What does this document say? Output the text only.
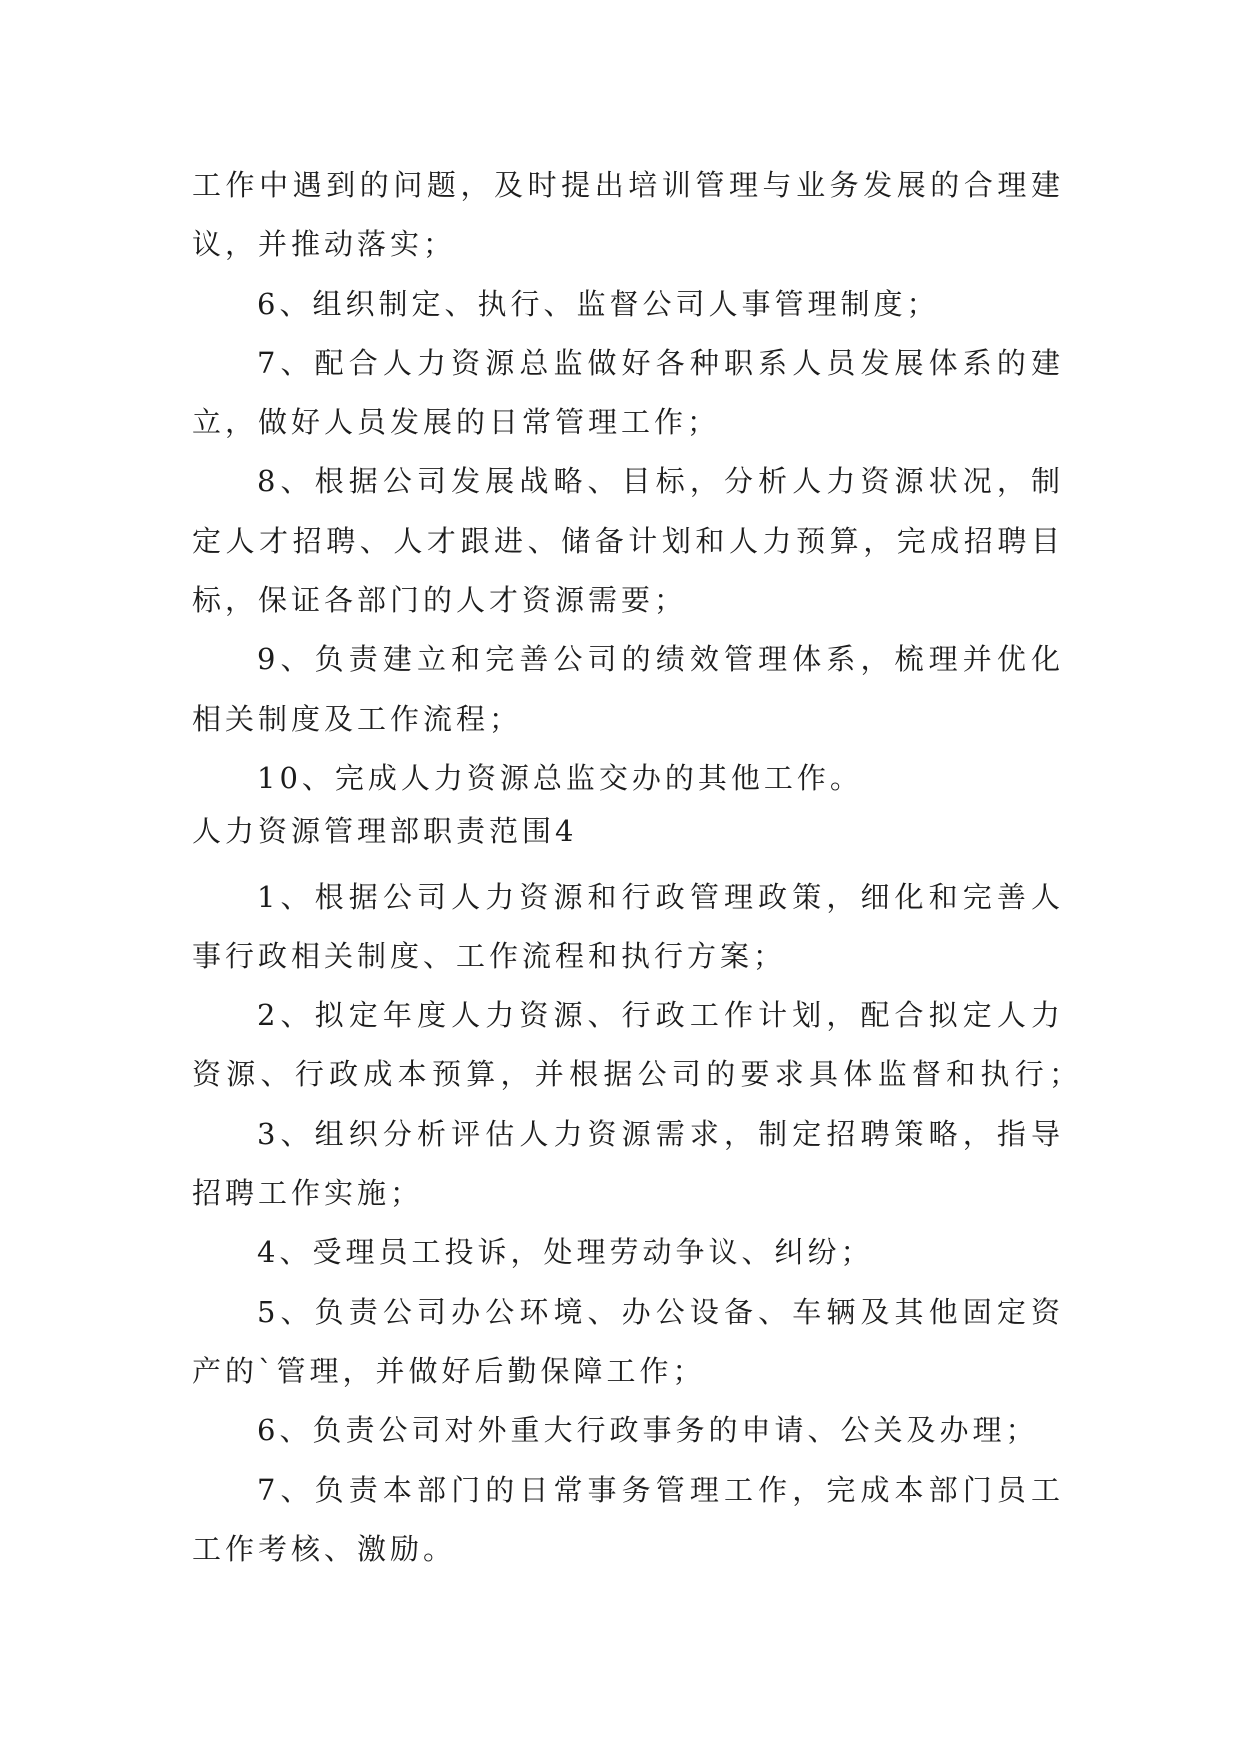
工作中遇到的问题，及时提出培训管理与业务发展的合理建
议，并推动落实；
6、组织制定、执行、监督公司人事管理制度；
7、配合人力资源总监做好各种职系人员发展体系的建
立，做好人员发展的日常管理工作；
8、根据公司发展战略、目标，分析人力资源状况，制
定人才招聘、人才跟进、储备计划和人力预算，完成招聘目
标，保证各部门的人才资源需要；
9、负责建立和完善公司的绩效管理体系，梳理并优化
相关制度及工作流程；
10、完成人力资源总监交办的其他工作。
人力资源管理部职责范围4
1、根据公司人力资源和行政管理政策，细化和完善人
事行政相关制度、工作流程和执行方案；
2、拟定年度人力资源、行政工作计划，配合拟定人力
资源、行政成本预算，并根据公司的要求具体监督和执行；
3、组织分析评估人力资源需求，制定招聘策略，指导
招聘工作实施；
4、受理员工投诉，处理劳动争议、纠纷；
5、负责公司办公环境、办公设备、车辆及其他固定资
产的`管理，并做好后勤保障工作；
6、负责公司对外重大行政事务的申请、公关及办理；
7、负责本部门的日常事务管理工作，完成本部门员工
工作考核、激励。
